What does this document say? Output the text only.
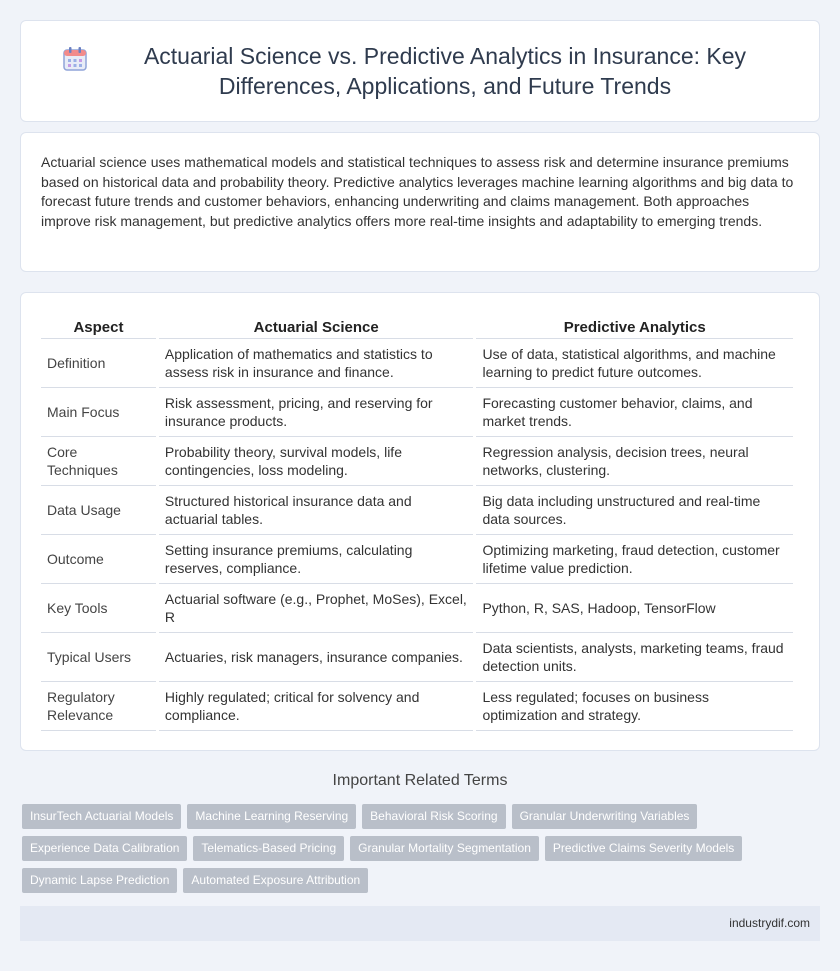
Actuarial Science vs. Predictive Analytics in Insurance: Key Differences, Applications, and Future Trends

Actuarial science uses mathematical models and statistical techniques to assess risk and determine insurance premiums based on historical data and probability theory. Predictive analytics leverages machine learning algorithms and big data to forecast future trends and customer behaviors, enhancing underwriting and claims management. Both approaches improve risk management, but predictive analytics offers more real-time insights and adaptability to emerging trends.

Aspect	Actuarial Science	Predictive Analytics
Definition	Application of mathematics and statistics to assess risk in insurance and finance.	Use of data, statistical algorithms, and machine learning to predict future outcomes.
Main Focus	Risk assessment, pricing, and reserving for insurance products.	Forecasting customer behavior, claims, and market trends.
Core Techniques	Probability theory, survival models, life contingencies, loss modeling.	Regression analysis, decision trees, neural networks, clustering.
Data Usage	Structured historical insurance data and actuarial tables.	Big data including unstructured and real-time data sources.
Outcome	Setting insurance premiums, calculating reserves, compliance.	Optimizing marketing, fraud detection, customer lifetime value prediction.
Key Tools	Actuarial software (e.g., Prophet, MoSes), Excel, R	Python, R, SAS, Hadoop, TensorFlow
Typical Users	Actuaries, risk managers, insurance companies.	Data scientists, analysts, marketing teams, fraud detection units.
Regulatory Relevance	Highly regulated; critical for solvency and compliance.	Less regulated; focuses on business optimization and strategy.
Important Related Terms
InsurTech Actuarial Models	Machine Learning Reserving	Behavioral Risk Scoring	Granular Underwriting Variables
Experience Data Calibration	Telematics-Based Pricing	Granular Mortality Segmentation	Predictive Claims Severity Models
Dynamic Lapse Prediction	Automated Exposure Attribution
industrydif.com
